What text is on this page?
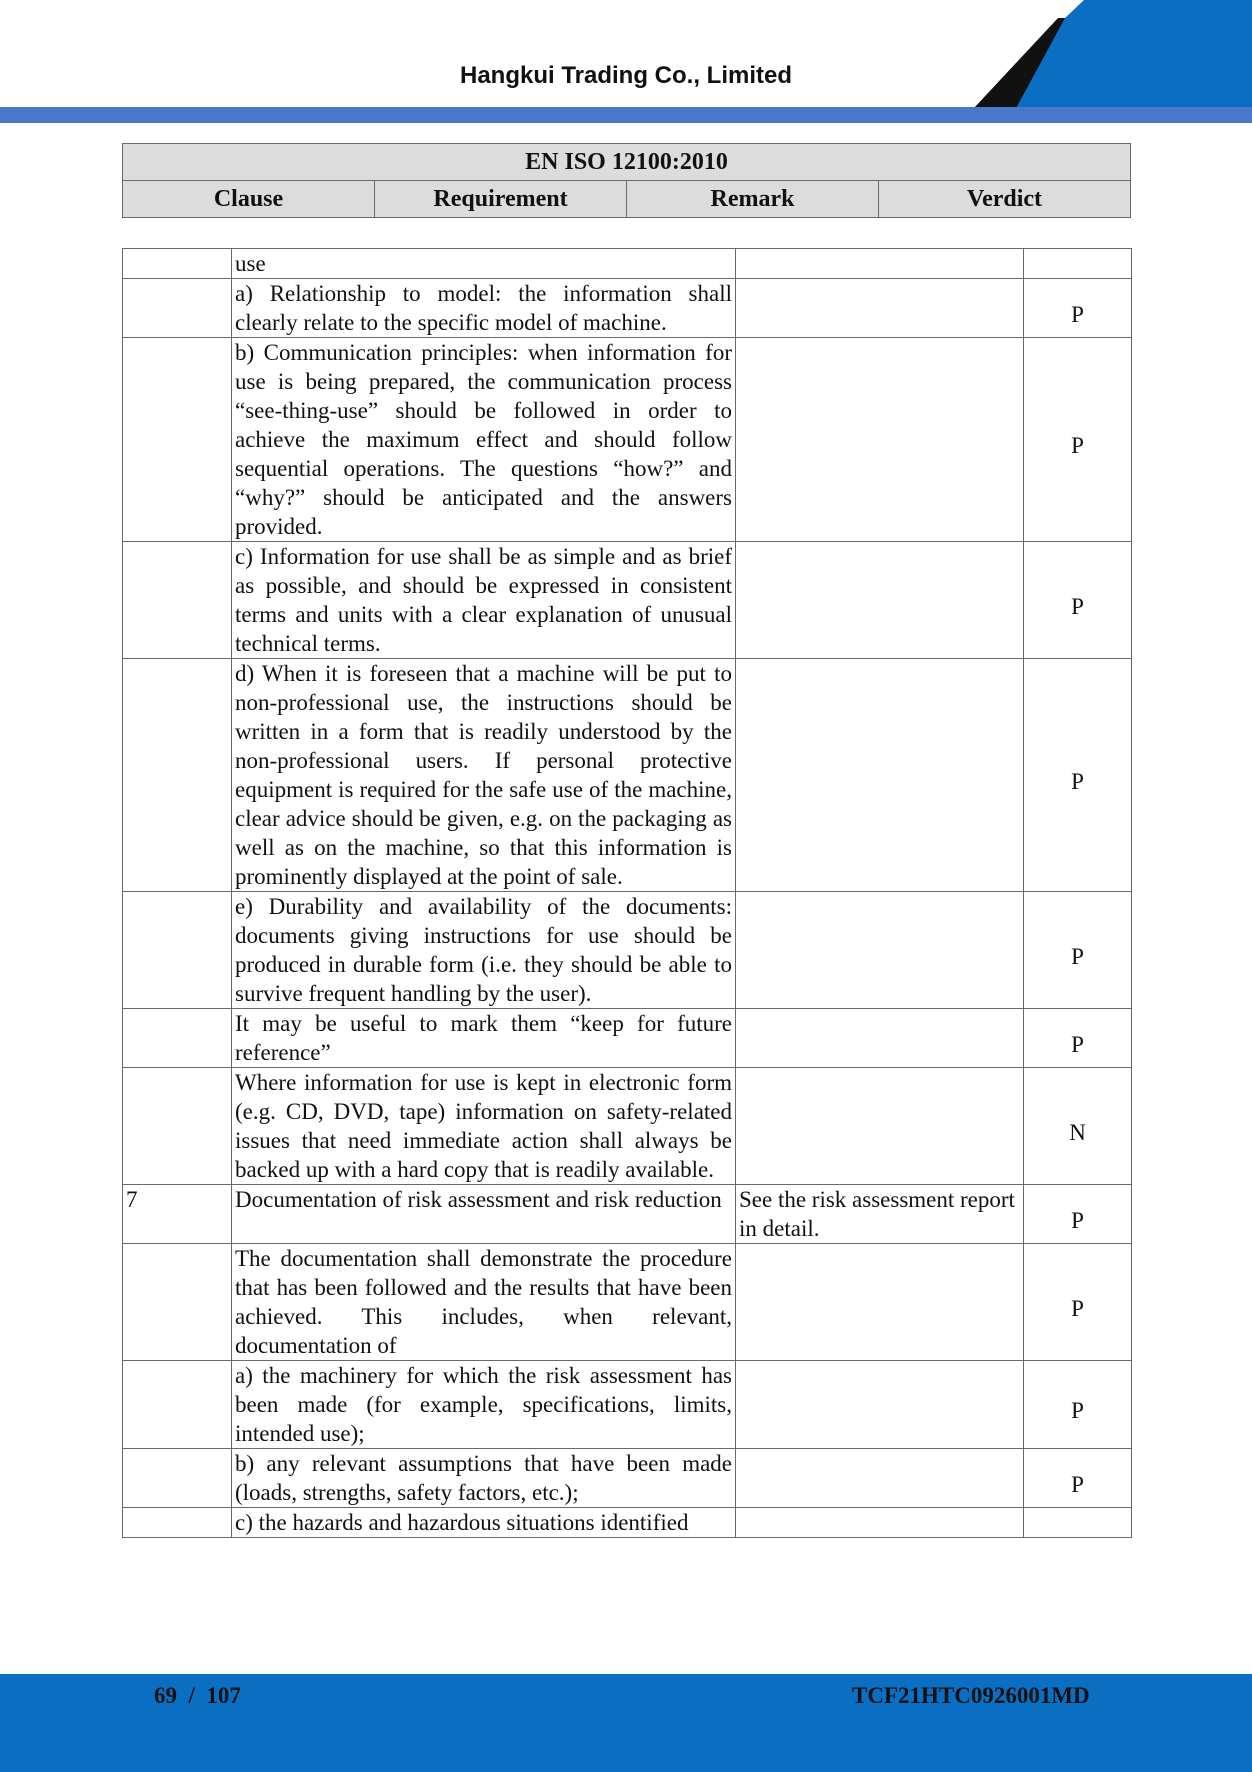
Hangkui Trading Co., Limited
EN ISO 12100:2010
Clause	Requirement	Remark	Verdict

	use		

	a) Relationship to model: the information shall clearly relate to the specific model of machine.		P

	b) Communication principles: when information for use is being prepared, the communication process “see-thing-use” should be followed in order to achieve the maximum effect and should follow sequential operations. The questions “how?” and “why?” should be anticipated and the answers provided.		P

	c) Information for use shall be as simple and as brief as possible, and should be expressed in consistent terms and units with a clear explanation of unusual technical terms.		P

	d) When it is foreseen that a machine will be put to non-professional use, the instructions should be written in a form that is readily understood by the non-professional users. If personal protective equipment is required for the safe use of the machine, clear advice should be given, e.g. on the packaging as well as on the machine, so that this information is prominently displayed at the point of sale.		P

	e) Durability and availability of the documents: documents giving instructions for use should be produced in durable form (i.e. they should be able to survive frequent handling by the user).		P

	It may be useful to mark them “keep for future reference”		P

	Where information for use is kept in electronic form (e.g. CD, DVD, tape) information on safety-related issues that need immediate action shall always be backed up with a hard copy that is readily available.		N
7	Documentation of risk assessment and risk reduction	See the risk assessment report in detail.	P

	The documentation shall demonstrate the procedure that has been followed and the results that have been achieved. This includes, when relevant, documentation of		P

	a) the machinery for which the risk assessment has been made (for example, specifications, limits, intended use);		P

	b) any relevant assumptions that have been made (loads, strengths, safety factors, etc.);		P

	c) the hazards and hazardous situations identified		

69  /  107	TCF21HTC0926001MD
